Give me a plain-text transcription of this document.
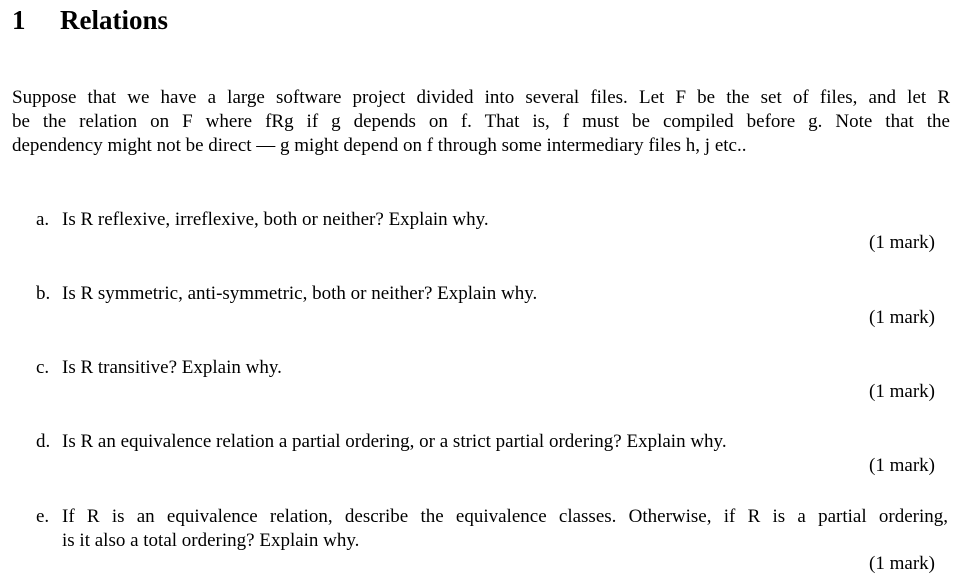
1 Relations
Suppose that we have a large software project divided into several files. Let F be the set of files, and let R
be the relation on F where fRg if g depends on f. That is, f must be compiled before g. Note that the
dependency might not be direct — g might depend on f through some intermediary files h, j etc..
a. Is R reflexive, irreflexive, both or neither? Explain why.
(1 mark)
b. Is R symmetric, anti-symmetric, both or neither? Explain why.
(1 mark)
c. Is R transitive? Explain why.
(1 mark)
d. Is R an equivalence relation a partial ordering, or a strict partial ordering? Explain why.
(1 mark)
e. If R is an equivalence relation, describe the equivalence classes. Otherwise, if R is a partial ordering,
is it also a total ordering? Explain why.
(1 mark)
